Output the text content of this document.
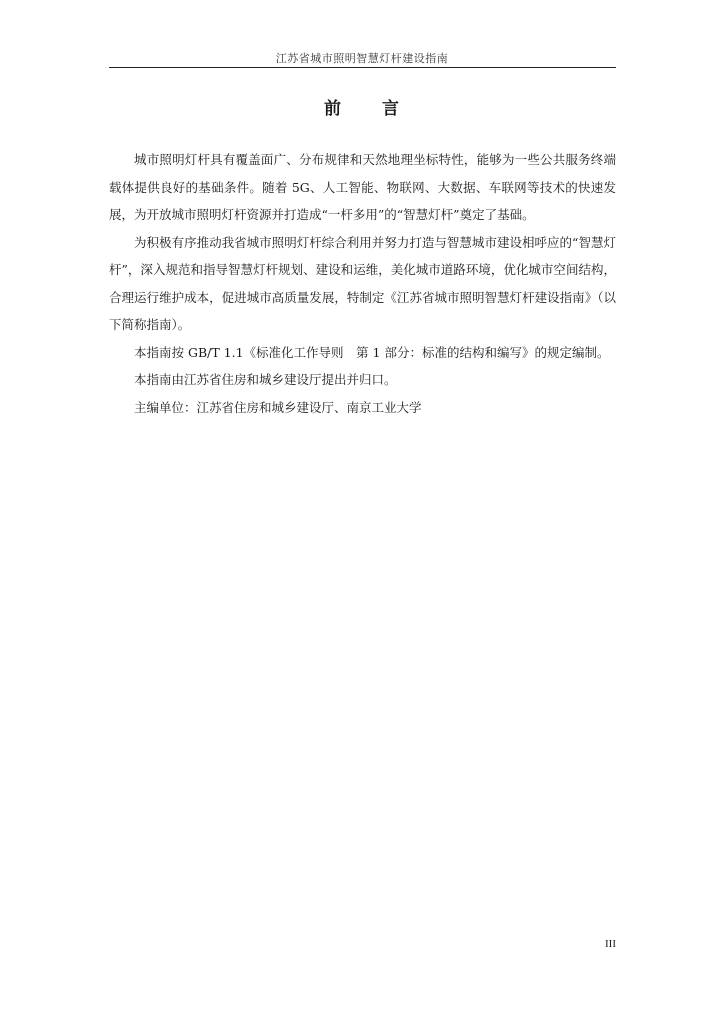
江苏省城市照明智慧灯杆建设指南
前 言

城市照明灯杆具有覆盖面广、分布规律和天然地理坐标特性，能够为一些公共服务终端载体提供良好的基础条件。随着 5G、人工智能、物联网、大数据、车联网等技术的快速发展，为开放城市照明灯杆资源并打造成“一杆多用”的“智慧灯杆”奠定了基础。

为积极有序推动我省城市照明灯杆综合利用并努力打造与智慧城市建设相呼应的“智慧灯杆”，深入规范和指导智慧灯杆规划、建设和运维，美化城市道路环境，优化城市空间结构，合理运行维护成本，促进城市高质量发展，特制定《江苏省城市照明智慧灯杆建设指南》（以下简称指南）。

本指南按 GB/T 1.1《标准化工作导则　第 1 部分：标准的结构和编写》的规定编制。

本指南由江苏省住房和城乡建设厅提出并归口。

主编单位：江苏省住房和城乡建设厅、南京工业大学

III
